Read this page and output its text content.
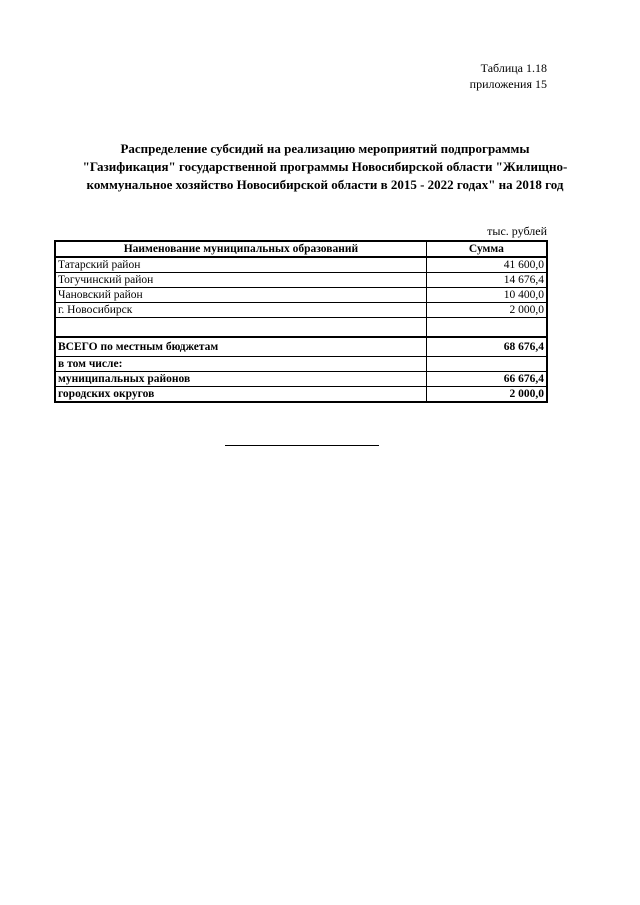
Таблица 1.18
приложения 15
Распределение субсидий на реализацию мероприятий подпрограммы
"Газификация" государственной программы Новосибирской области "Жилищно-
коммунальное хозяйство Новосибирской области в 2015 - 2022 годах" на 2018 год
тыс. рублей
Наименование муниципальных образований	Сумма
Татарский район	41 600,0
Тогучинский район	14 676,4
Чановский район	10 400,0
г. Новосибирск	2 000,0

ВСЕГО по местным бюджетам	68 676,4
в том числе:	
муниципальных районов	66 676,4
городских округов	2 000,0
